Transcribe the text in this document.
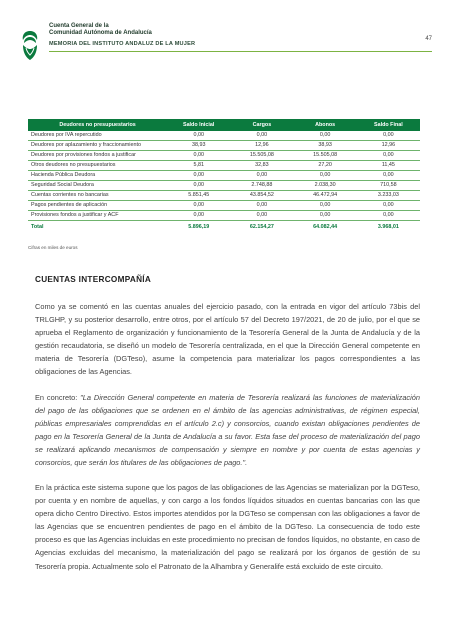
Cuenta General de la
Comunidad Autónoma de Andalucía
MEMORIA DEL INSTITUTO ANDALUZ DE LA MUJER
47
Deudores no presupuestarios	Saldo Inicial	Cargos	Abonos	Saldo Final
Deudores por IVA repercutido	0,00	0,00	0,00	0,00
Deudores por aplazamiento y fraccionamiento	38,93	12,96	38,93	12,96
Deudores por provisiones fondos a justificar	0,00	15.505,08	15.505,08	0,00
Otros deudores no presupuestarios	5,81	32,83	27,20	11,45
Hacienda Pública Deudora	0,00	0,00	0,00	0,00
Seguridad Social Deudora	0,00	2.748,88	2.038,30	710,58
Cuentas corrientes no bancarias	5.851,45	43.854,52	46.472,94	3.233,03
Pagos pendientes de aplicación	0,00	0,00	0,00	0,00
Provisiones fondos a justificar y ACF	0,00	0,00	0,00	0,00
Total	5.896,19	62.154,27	64.082,44	3.968,01
Cifras en miles de euros
CUENTAS INTERCOMPAÑÍA
Como ya se comentó en las cuentas anuales del ejercicio pasado, con la entrada en vigor del artículo 73bis del TRLGHP, y su posterior desarrollo, entre otros, por el artículo 57 del Decreto 197/2021, de 20 de julio, por el que se aprueba el Reglamento de organización y funcionamiento de la Tesorería General de la Junta de Andalucía y de la gestión recaudatoria, se diseñó un modelo de Tesorería centralizada, en el que la Dirección General competente en materia de Tesorería (DGTeso), asume la competencia para materializar los pagos correspondientes a las obligaciones de las Agencias.
En concreto: "La Dirección General competente en materia de Tesorería realizará las funciones de materialización del pago de las obligaciones que se ordenen en el ámbito de las agencias administrativas, de régimen especial, públicas empresariales comprendidas en el artículo 2.c) y consorcios, cuando existan obligaciones pendientes de pago en la Tesorería General de la Junta de Andalucía a su favor. Esta fase del proceso de materialización del pago se realizará aplicando mecanismos de compensación y siempre en nombre y por cuenta de estas agencias y consorcios, que serán los titulares de las obligaciones de pago.".
En la práctica este sistema supone que los pagos de las obligaciones de las Agencias se materializan por la DGTeso, por cuenta y en nombre de aquellas, y con cargo a los fondos líquidos situados en cuentas bancarias con las que opera dicho Centro Directivo. Estos importes atendidos por la DGTeso se compensan con las obligaciones a favor de las Agencias que se encuentren pendientes de pago en el ámbito de la DGTeso. La consecuencia de todo este proceso es que las Agencias incluidas en este procedimiento no precisan de fondos líquidos, no obstante, en caso de Agencias excluidas del mecanismo, la materialización del pago se realizará por los órganos de gestión de su Tesorería propia. Actualmente solo el Patronato de la Alhambra y Generalife está excluido de este circuito.
